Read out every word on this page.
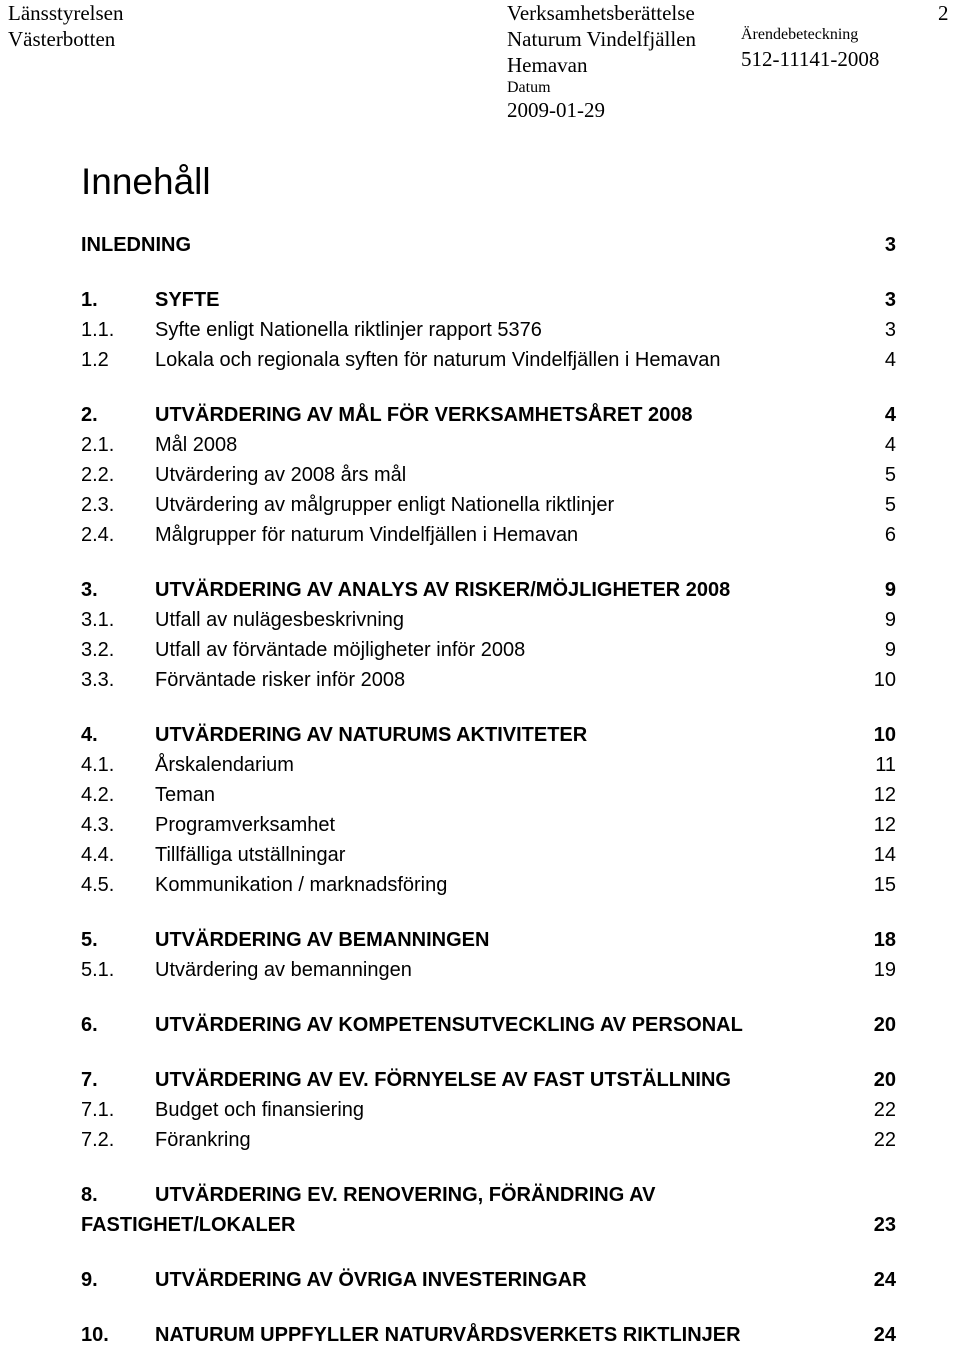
Länsstyrelsen
Västerbotten
Verksamhetsberättelse
Naturum Vindelfjällen
Hemavan
Datum
2009-01-29
Ärendebeteckning
512-11141-2008
2
Innehåll
INLEDNING	3
1.	SYFTE	3
1.1. Syfte enligt Nationella riktlinjer rapport 5376	3
1.2 Lokala och regionala syften för naturum Vindelfjällen i Hemavan	4
2.	UTVÄRDERING AV MÅL FÖR VERKSAMHETSÅRET 2008	4
2.1. Mål 2008	4
2.2. Utvärdering av 2008 års mål	5
2.3. Utvärdering av målgrupper enligt Nationella riktlinjer	5
2.4. Målgrupper för naturum Vindelfjällen i Hemavan	6
3.	UTVÄRDERING AV ANALYS AV RISKER/MÖJLIGHETER 2008	9
3.1. Utfall av nulägesbeskrivning	9
3.2. Utfall av förväntade möjligheter inför 2008	9
3.3. Förväntade risker inför 2008	10
4.	UTVÄRDERING AV NATURUMS AKTIVITETER	10
4.1. Årskalendarium	11
4.2. Teman	12
4.3. Programverksamhet	12
4.4. Tillfälliga utställningar	14
4.5. Kommunikation / marknadsföring	15
5.	UTVÄRDERING AV BEMANNINGEN	18
5.1. Utvärdering av bemanningen	19
6.	UTVÄRDERING AV KOMPETENSUTVECKLING AV PERSONAL	20
7.	UTVÄRDERING AV EV. FÖRNYELSE AV FAST UTSTÄLLNING	20
7.1. Budget och finansiering	22
7.2. Förankring	22
8.	UTVÄRDERING EV. RENOVERING, FÖRÄNDRING AV
FASTIGHET/LOKALER	23
9.	UTVÄRDERING AV ÖVRIGA INVESTERINGAR	24
10. NATURUM UPPFYLLER NATURVÅRDSVERKETS RIKTLINJER	24
